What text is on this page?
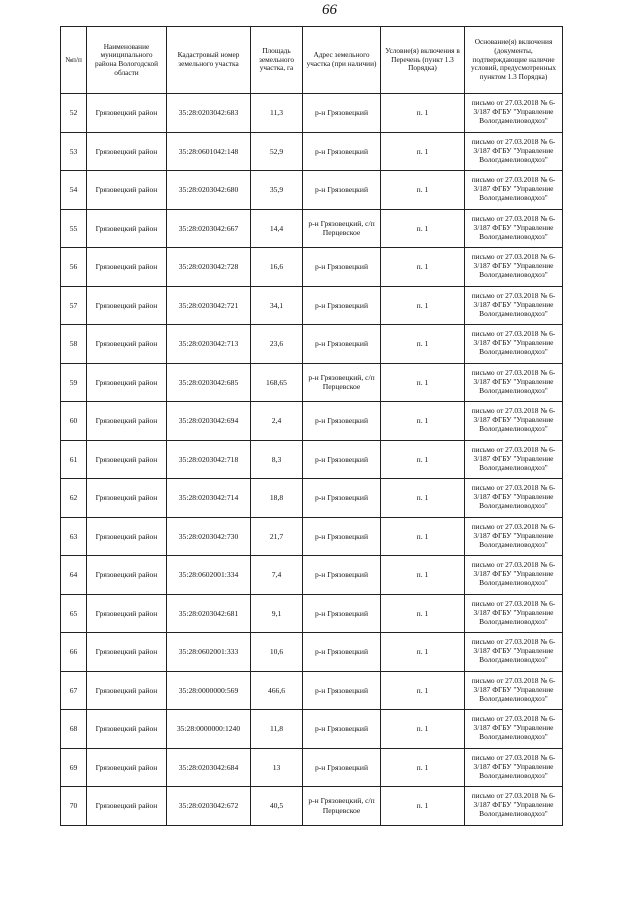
66
№п/п	Наименование муниципального района Вологодской области	Кадастровый номер земельного участка	Площадь земельного участка, га	Адрес земельного участка (при наличии)	Условие(я) включения в Перечень (пункт 1.3 Порядка)	Основание(я) включения (документы, подтверждающие наличие условий, предусмотренных пунктом 1.3 Порядка)

52	Грязовецкий район	35:28:0203042:683	11,3	р-н Грязовецкий	п. 1	письмо от 27.03.2018 № 6-3/187 ФГБУ "Управление Вологдамелиоводхоз"
53	Грязовецкий район	35:28:0601042:148	52,9	р-н Грязовецкий	п. 1	письмо от 27.03.2018 № 6-3/187 ФГБУ "Управление Вологдамелиоводхоз"
54	Грязовецкий район	35:28:0203042:680	35,9	р-н Грязовецкий	п. 1	письмо от 27.03.2018 № 6-3/187 ФГБУ "Управление Вологдамелиоводхоз"
55	Грязовецкий район	35:28:0203042:667	14,4	р-н Грязовецкий, с/п Перцевское	п. 1	письмо от 27.03.2018 № 6-3/187 ФГБУ "Управление Вологдамелиоводхоз"
56	Грязовецкий район	35:28:0203042:728	16,6	р-н Грязовецкий	п. 1	письмо от 27.03.2018 № 6-3/187 ФГБУ "Управление Вологдамелиоводхоз"
57	Грязовецкий район	35:28:0203042:721	34,1	р-н Грязовецкий	п. 1	письмо от 27.03.2018 № 6-3/187 ФГБУ "Управление Вологдамелиоводхоз"
58	Грязовецкий район	35:28:0203042:713	23,6	р-н Грязовецкий	п. 1	письмо от 27.03.2018 № 6-3/187 ФГБУ "Управление Вологдамелиоводхоз"
59	Грязовецкий район	35:28:0203042:685	168,65	р-н Грязовецкий, с/п Перцевское	п. 1	письмо от 27.03.2018 № 6-3/187 ФГБУ "Управление Вологдамелиоводхоз"
60	Грязовецкий район	35:28:0203042:694	2,4	р-н Грязовецкий	п. 1	письмо от 27.03.2018 № 6-3/187 ФГБУ "Управление Вологдамелиоводхоз"
61	Грязовецкий район	35:28:0203042:718	8,3	р-н Грязовецкий	п. 1	письмо от 27.03.2018 № 6-3/187 ФГБУ "Управление Вологдамелиоводхоз"
62	Грязовецкий район	35:28:0203042:714	18,8	р-н Грязовецкий	п. 1	письмо от 27.03.2018 № 6-3/187 ФГБУ "Управление Вологдамелиоводхоз"
63	Грязовецкий район	35:28:0203042:730	21,7	р-н Грязовецкий	п. 1	письмо от 27.03.2018 № 6-3/187 ФГБУ "Управление Вологдамелиоводхоз"
64	Грязовецкий район	35:28:0602001:334	7,4	р-н Грязовецкий	п. 1	письмо от 27.03.2018 № 6-3/187 ФГБУ "Управление Вологдамелиоводхоз"
65	Грязовецкий район	35:28:0203042:681	9,1	р-н Грязовецкий	п. 1	письмо от 27.03.2018 № 6-3/187 ФГБУ "Управление Вологдамелиоводхоз"
66	Грязовецкий район	35:28:0602001:333	10,6	р-н Грязовецкий	п. 1	письмо от 27.03.2018 № 6-3/187 ФГБУ "Управление Вологдамелиоводхоз"
67	Грязовецкий район	35:28:0000000:569	466,6	р-н Грязовецкий	п. 1	письмо от 27.03.2018 № 6-3/187 ФГБУ "Управление Вологдамелиоводхоз"
68	Грязовецкий район	35:28:0000000:1240	11,8	р-н Грязовецкий	п. 1	письмо от 27.03.2018 № 6-3/187 ФГБУ "Управление Вологдамелиоводхоз"
69	Грязовецкий район	35:28:0203042:684	13	р-н Грязовецкий	п. 1	письмо от 27.03.2018 № 6-3/187 ФГБУ "Управление Вологдамелиоводхоз"
70	Грязовецкий район	35:28:0203042:672	40,5	р-н Грязовецкий, с/п Перцевское	п. 1	письмо от 27.03.2018 № 6-3/187 ФГБУ "Управление Вологдамелиоводхоз"
